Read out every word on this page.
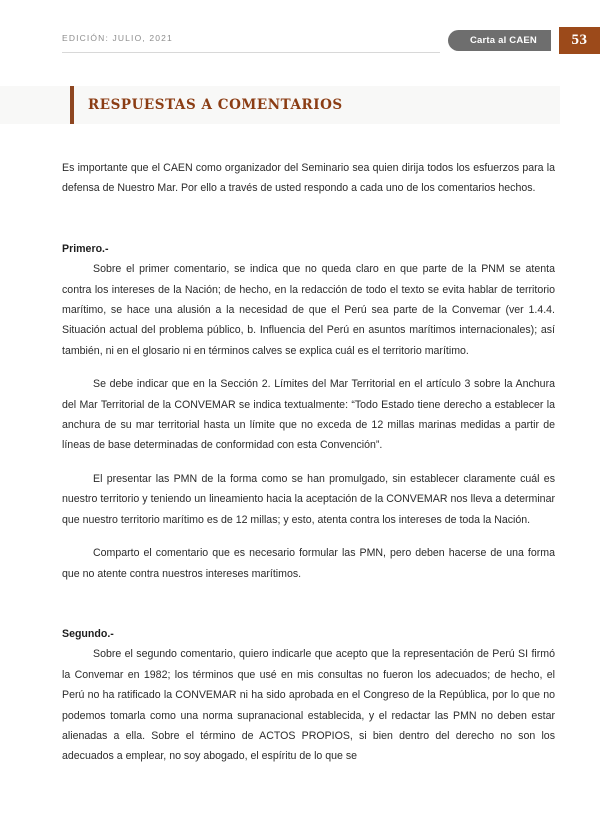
EDICIÓN: JULIO, 2021	Carta al CAEN 53
RESPUESTAS A COMENTARIOS

Es importante que el CAEN como organizador del Seminario sea quien dirija todos los esfuerzos para la defensa de Nuestro Mar. Por ello a través de usted respondo a cada uno de los comentarios hechos.

Primero.-

Sobre el primer comentario, se indica que no queda claro en que parte de la PNM se atenta contra los intereses de la Nación; de hecho, en la redacción de todo el texto se evita hablar de territorio marítimo, se hace una alusión a la necesidad de que el Perú sea parte de la Convemar (ver 1.4.4. Situación actual del problema público, b. Influencia del Perú en asuntos marítimos internacionales); así también, ni en el glosario ni en términos calves se explica cuál es el territorio marítimo.

Se debe indicar que en la Sección 2. Límites del Mar Territorial en el artículo 3 sobre la Anchura del Mar Territorial de la CONVEMAR se indica textualmente: “Todo Estado tiene derecho a establecer la anchura de su mar territorial hasta un límite que no exceda de 12 millas marinas medidas a partir de líneas de base determinadas de conformidad con esta Convención”.

El presentar las PMN de la forma como se han promulgado, sin establecer claramente cuál es nuestro territorio y teniendo un lineamiento hacia la aceptación de la CONVEMAR nos lleva a determinar que nuestro territorio marítimo es de 12 millas; y esto, atenta contra los intereses de toda la Nación.

Comparto el comentario que es necesario formular las PMN, pero deben hacerse de una forma que no atente contra nuestros intereses marítimos.

Segundo.-

Sobre el segundo comentario, quiero indicarle que acepto que la representación de Perú SI firmó la Convemar en 1982; los términos que usé en mis consultas no fueron los adecuados; de hecho, el Perú no ha ratificado la CONVEMAR ni ha sido aprobada en el Congreso de la República, por lo que no podemos tomarla como una norma supranacional establecida, y el redactar las PMN no deben estar alienadas a ella. Sobre el término de ACTOS PROPIOS, si bien dentro del derecho no son los adecuados a emplear, no soy abogado, el espíritu de lo que se
